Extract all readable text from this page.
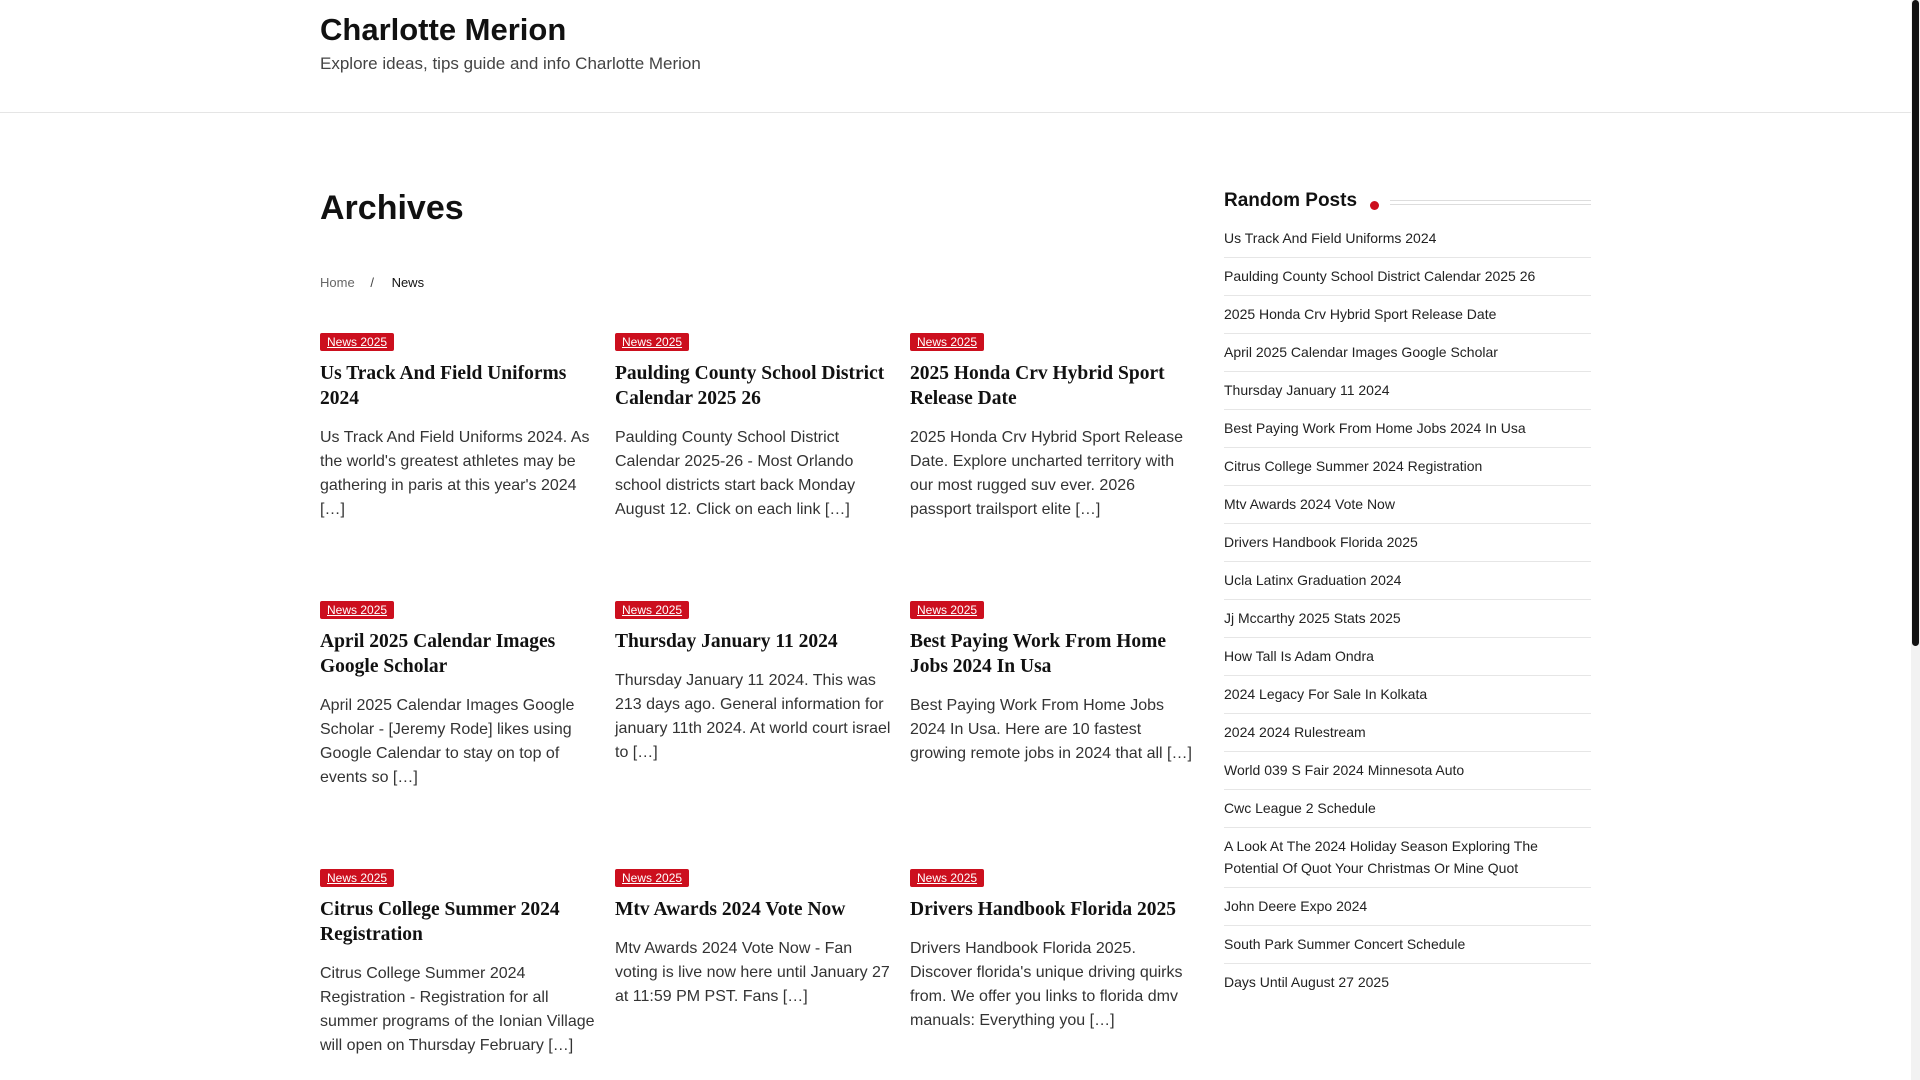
Charlotte Merion
Explore ideas, tips guide and info Charlotte Merion
Archives
Home / News
News 2025
Us Track And Field Uniforms 2024

Us Track And Field Uniforms 2024. As the world's greatest athletes may be gathering in paris at this year's 2024 […]

News 2025
Paulding County School District Calendar 2025 26

Paulding County School District Calendar 2025-26 - Most Orlando school districts start back Monday August 12. Click on each link […]

News 2025
2025 Honda Crv Hybrid Sport Release Date

2025 Honda Crv Hybrid Sport Release Date. Explore uncharted territory with our most rugged suv ever. 2026 passport trailsport elite […]

News 2025
April 2025 Calendar Images Google Scholar

April 2025 Calendar Images Google Scholar - [Jeremy Rode] likes using Google Calendar to stay on top of events so […]

News 2025
Thursday January 11 2024

Thursday January 11 2024. This was 213 days ago. General information for january 11th 2024. At world court israel to […]

News 2025
Best Paying Work From Home Jobs 2024 In Usa

Best Paying Work From Home Jobs 2024 In Usa. Here are 10 fastest growing remote jobs in 2024 that all […]

News 2025
Citrus College Summer 2024 Registration

Citrus College Summer 2024 Registration - Registration for all summer programs of the Ionian Village will open on Thursday February […]

News 2025
Mtv Awards 2024 Vote Now

Mtv Awards 2024 Vote Now - Fan voting is live now here until January 27 at 11:59 PM PST. Fans […]

News 2025
Drivers Handbook Florida 2025

Drivers Handbook Florida 2025. Discover florida's unique driving quirks from. We offer you links to florida dmv manuals: Everything you […]

Random Posts
Us Track And Field Uniforms 2024
Paulding County School District Calendar 2025 26
2025 Honda Crv Hybrid Sport Release Date
April 2025 Calendar Images Google Scholar
Thursday January 11 2024
Best Paying Work From Home Jobs 2024 In Usa
Citrus College Summer 2024 Registration
Mtv Awards 2024 Vote Now
Drivers Handbook Florida 2025
Ucla Latinx Graduation 2024
Jj Mccarthy 2025 Stats 2025
How Tall Is Adam Ondra
2024 Legacy For Sale In Kolkata
2024 2024 Rulestream
World 039 S Fair 2024 Minnesota Auto
Cwc League 2 Schedule
A Look At The 2024 Holiday Season Exploring The Potential Of Quot Your Christmas Or Mine Quot
John Deere Expo 2024
South Park Summer Concert Schedule
Days Until August 27 2025
